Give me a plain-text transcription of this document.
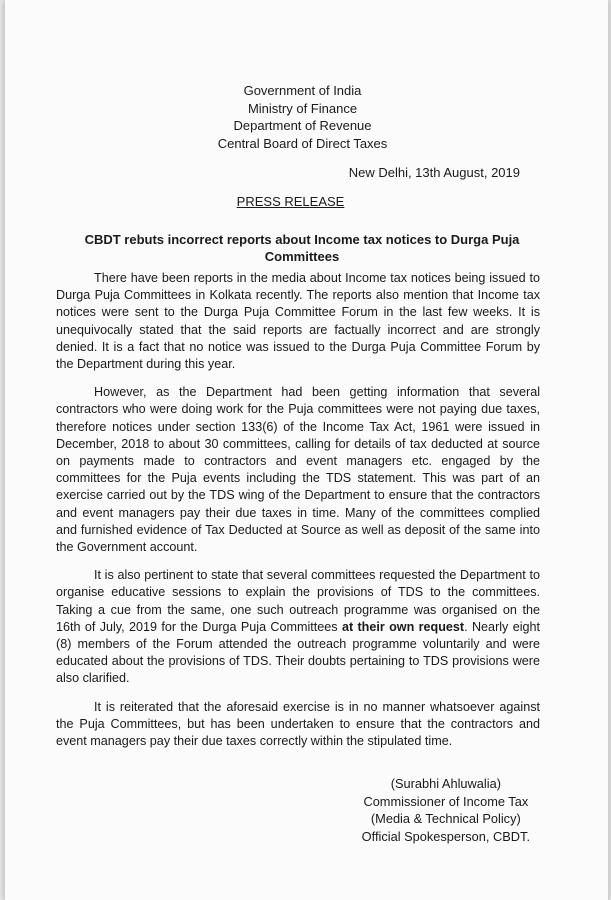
Government of India
Ministry of Finance
Department of Revenue
Central Board of Direct Taxes
New Delhi, 13th August, 2019
PRESS RELEASE
CBDT rebuts incorrect reports about Income tax notices to Durga Puja Committees

There have been reports in the media about Income tax notices being issued to Durga Puja Committees in Kolkata recently. The reports also mention that Income tax notices were sent to the Durga Puja Committee Forum in the last few weeks. It is unequivocally stated that the said reports are factually incorrect and are strongly denied. It is a fact that no notice was issued to the Durga Puja Committee Forum by the Department during this year.

However, as the Department had been getting information that several contractors who were doing work for the Puja committees were not paying due taxes, therefore notices under section 133(6) of the Income Tax Act, 1961 were issued in December, 2018 to about 30 committees, calling for details of tax deducted at source on payments made to contractors and event managers etc. engaged by the committees for the Puja events including the TDS statement. This was part of an exercise carried out by the TDS wing of the Department to ensure that the contractors and event managers pay their due taxes in time. Many of the committees complied and furnished evidence of Tax Deducted at Source as well as deposit of the same into the Government account.

It is also pertinent to state that several committees requested the Department to organise educative sessions to explain the provisions of TDS to the committees. Taking a cue from the same, one such outreach programme was organised on the 16th of July, 2019 for the Durga Puja Committees at their own request. Nearly eight (8) members of the Forum attended the outreach programme voluntarily and were educated about the provisions of TDS. Their doubts pertaining to TDS provisions were also clarified.

It is reiterated that the aforesaid exercise is in no manner whatsoever against the Puja Committees, but has been undertaken to ensure that the contractors and event managers pay their due taxes correctly within the stipulated time.

(Surabhi Ahluwalia)
Commissioner of Income Tax
(Media & Technical Policy)
Official Spokesperson, CBDT.
